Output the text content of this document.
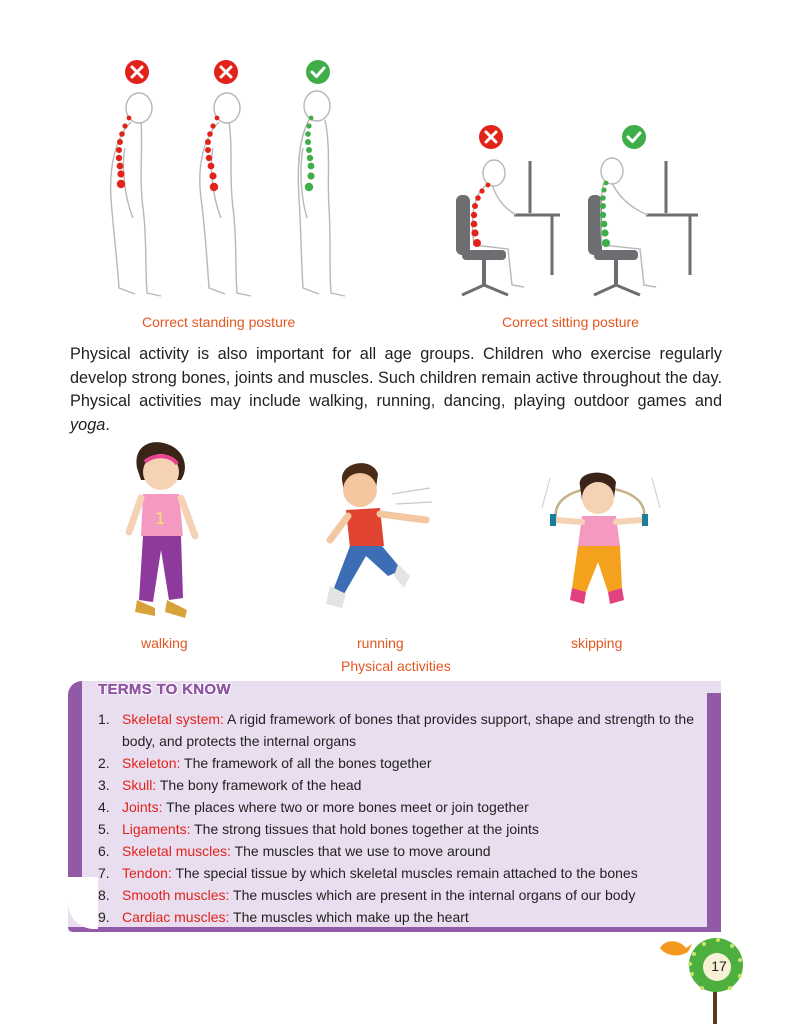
Correct standing posture	Correct sitting posture

Physical activity is also important for all age groups. Children who exercise regularly develop strong bones, joints and muscles. Such children remain active throughout the day. Physical activities may include walking, running, dancing, playing outdoor games and yoga.

1
walking	running	skipping
Physical activities
TERMS TO KNOW
1. Skeletal system: A rigid framework of bones that provides support, shape and strength to the body, and protects the internal organs
2. Skeleton: The framework of all the bones together
3. Skull: The bony framework of the head
4. Joints: The places where two or more bones meet or join together
5. Ligaments: The strong tissues that hold bones together at the joints
6. Skeletal muscles: The muscles that we use to move around
7. Tendon: The special tissue by which skeletal muscles remain attached to the bones
8. Smooth muscles: The muscles which are present in the internal organs of our body
9. Cardiac muscles: The muscles which make up the heart
17
